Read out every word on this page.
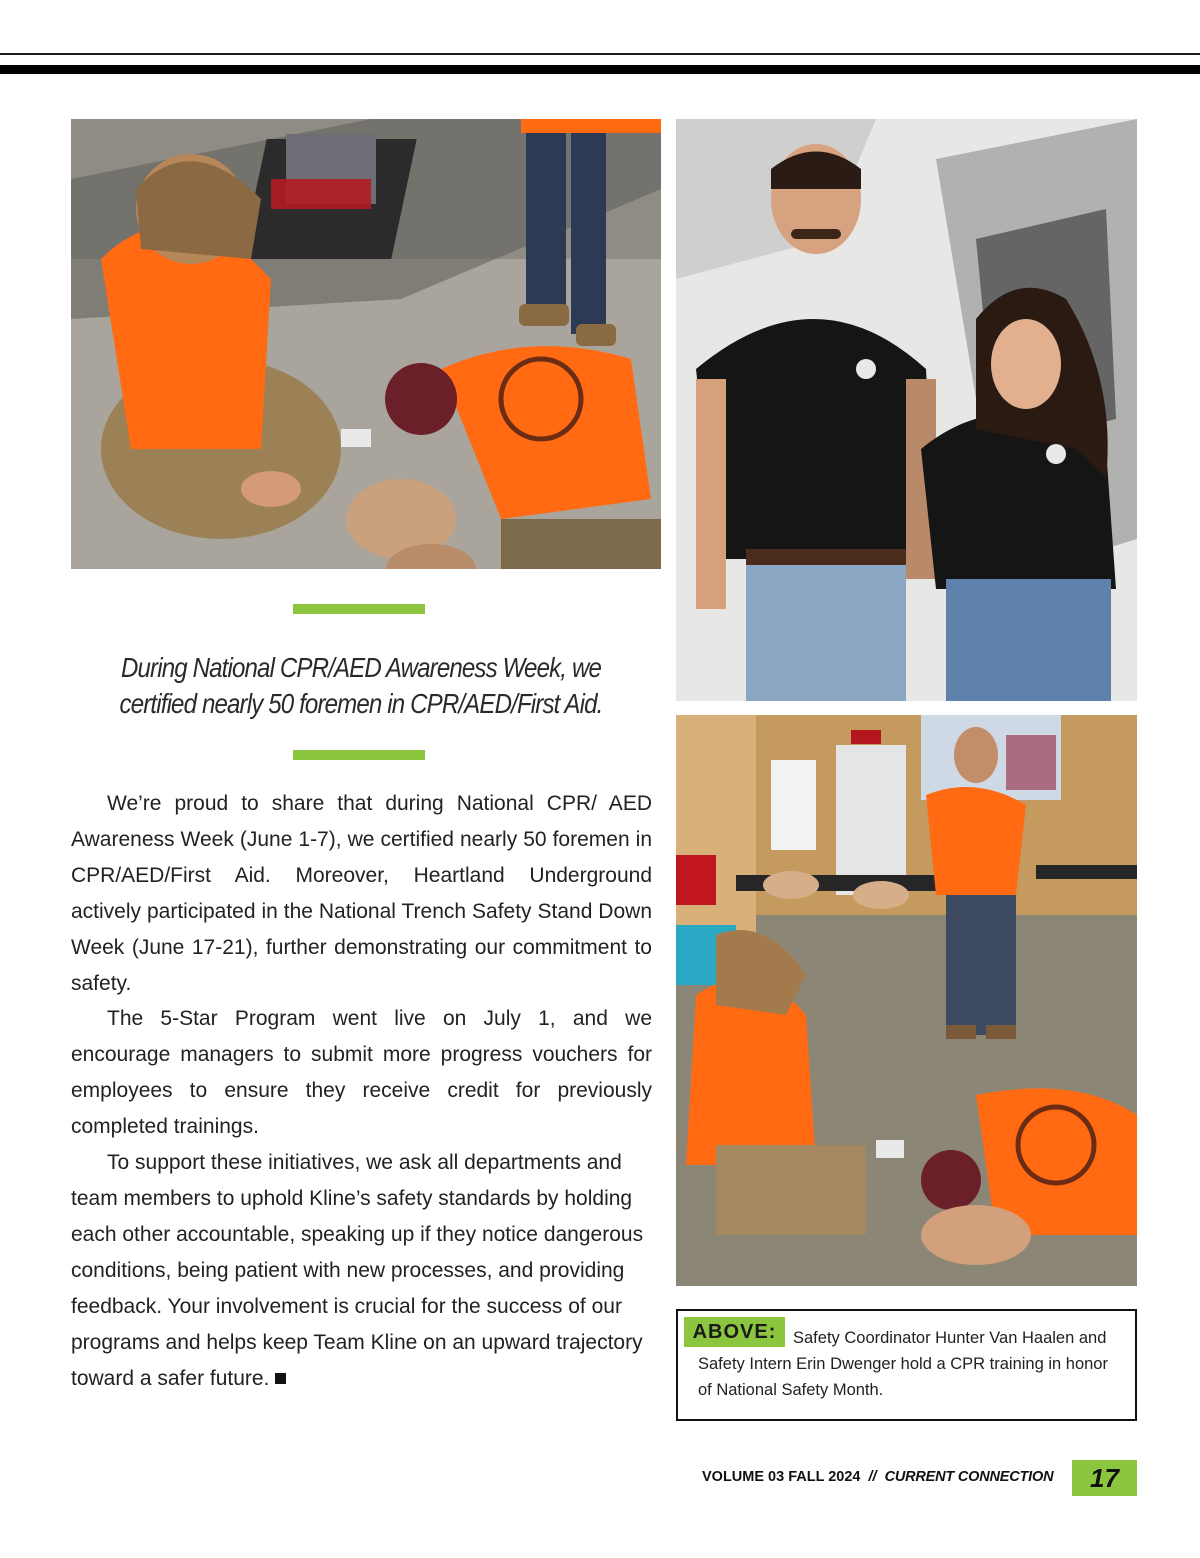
During National CPR/AED Awareness Week, we
certified nearly 50 foremen in CPR/AED/First Aid.

We’re proud to share that during National CPR/ AED Awareness Week (June 1-7), we certified nearly 50 foremen in CPR/AED/First Aid. Moreover, Heartland Underground actively participated in the National Trench Safety Stand Down Week (June 17-21), further demonstrating our commitment to safety.

The 5-Star Program went live on July 1, and we encourage managers to submit more progress vouchers for employees to ensure they receive credit for previously completed trainings.

To support these initiatives, we ask all departments and team members to uphold Kline’s safety standards by holding each other accountable, speaking up if they notice dangerous conditions, being patient with new processes, and providing feedback. Your involvement is crucial for the success of our programs and helps keep Team Kline on an upward trajectory toward a safer future.

ABOVE:	Safety Coordinator Hunter Van Haalen and Safety Intern Erin Dwenger hold a CPR training in honor of National Safety Month.
VOLUME 03 FALL 2024 // CURRENT CONNECTION	17
